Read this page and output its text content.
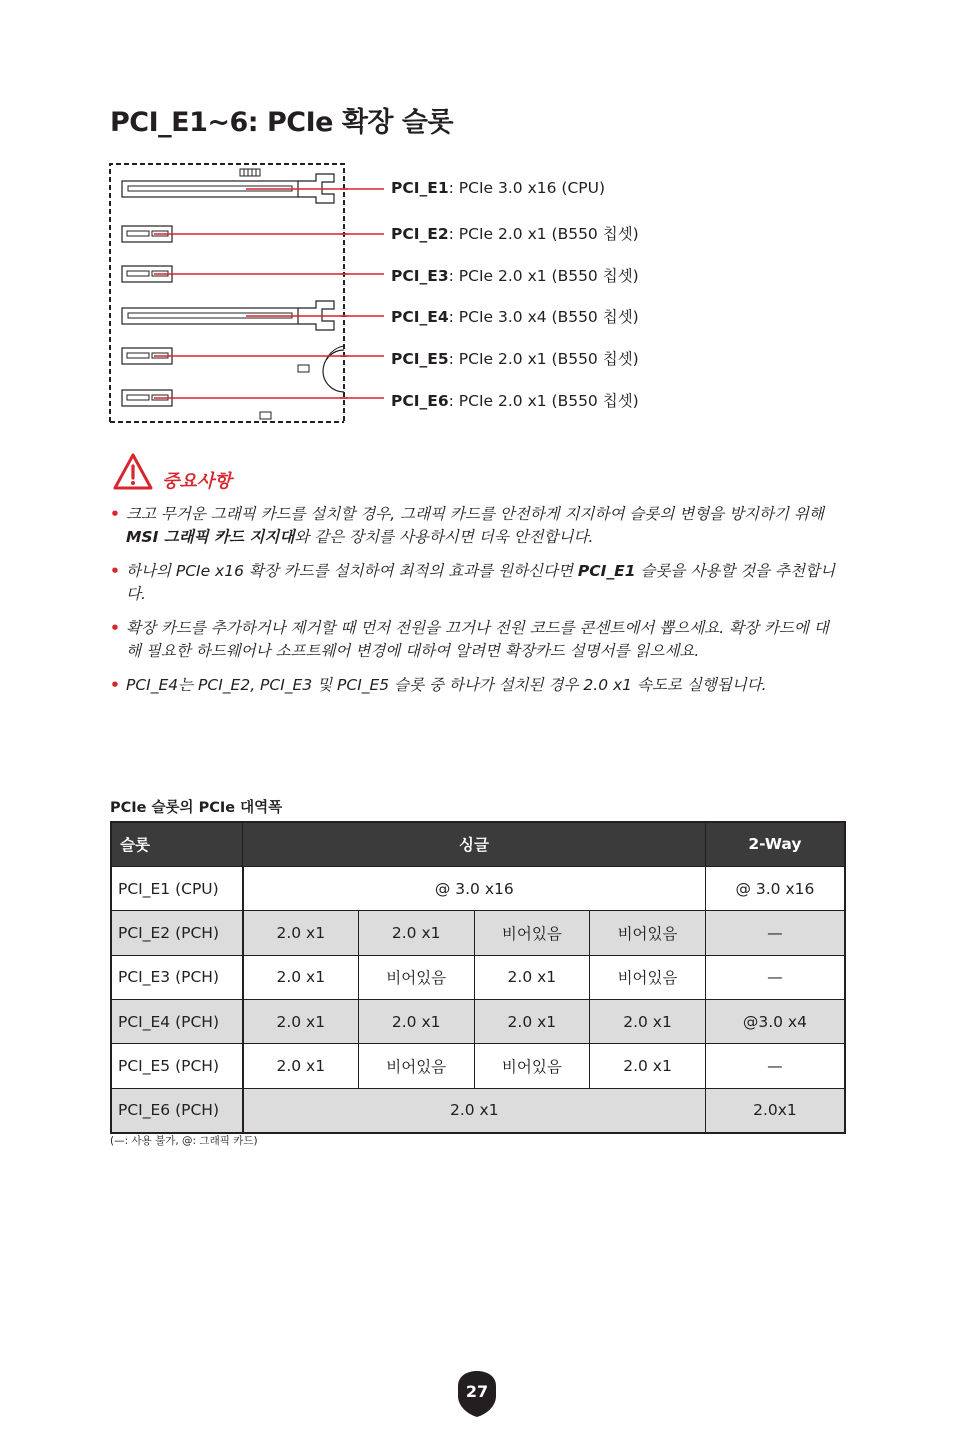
PCI_E1~6: PCIe 확장 슬롯
PCI_E1: PCIe 3.0 x16 (CPU)
PCI_E2: PCIe 2.0 x1 (B550 칩셋)
PCI_E3: PCIe 2.0 x1 (B550 칩셋)
PCI_E4: PCIe 3.0 x4 (B550 칩셋)
PCI_E5: PCIe 2.0 x1 (B550 칩셋)
PCI_E6: PCIe 2.0 x1 (B550 칩셋)
중요사항
• 크고 무거운 그래픽 카드를 설치할 경우, 그래픽 카드를 안전하게 지지하여 슬롯의 변형을 방지하기 위해 MSI 그래픽 카드 지지대와 같은 장치를 사용하시면 더욱 안전합니다.
• 하나의 PCIe x16 확장 카드를 설치하여 최적의 효과를 원하신다면 PCI_E1 슬롯을 사용할 것을 추천합니다.
• 확장 카드를 추가하거나 제거할 때 먼저 전원을 끄거나 전원 코드를 콘센트에서 뽑으세요. 확장 카드에 대해 필요한 하드웨어나 소프트웨어 변경에 대하여 알려면 확장카드 설명서를 읽으세요.
• PCI_E4는 PCI_E2, PCI_E3 및 PCI_E5 슬롯 중 하나가 설치된 경우 2.0 x1 속도로 실행됩니다.
PCIe 슬롯의 PCIe 대역폭
슬롯	싱글				2-Way
PCI_E1 (CPU)	@ 3.0 x16				@ 3.0 x16
PCI_E2 (PCH)	2.0 x1	2.0 x1	비어있음	비어있음	—
PCI_E3 (PCH)	2.0 x1	비어있음	2.0 x1	비어있음	—
PCI_E4 (PCH)	2.0 x1	2.0 x1	2.0 x1	2.0 x1	@3.0 x4
PCI_E5 (PCH)	2.0 x1	비어있음	비어있음	2.0 x1	—
PCI_E6 (PCH)	2.0 x1				2.0x1
(—: 사용 불가, @: 그래픽 카드)
27
